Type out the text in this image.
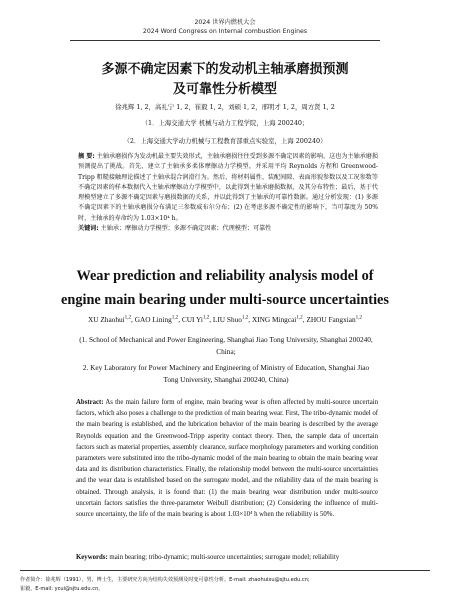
2024 世界内燃机大会
2024 Word Congress on Internal combustion Engines
多源不确定因素下的发动机主轴承磨损预测
及可靠性分析模型
徐兆辉 1, 2，高礼宁 1, 2，崔毅 1, 2，刘硕 1, 2，邢明才 1, 2，周方贤 1, 2
（1．上海交通大学 机械与动力工程学院，上海 200240；
（2．上海交通大学动力机械与工程教育部重点实验室，上海 200240）
摘 要: 主轴承磨损作为发动机最主要失效形式，主轴承磨损往往受到多源不确定因素的影响，这也为主轴承磨损预测提出了挑战。首先，建立了主轴承多柔体摩擦动力学模型，并采用平均 Reynolds 方程和 Greenwood-Tripp 粗糙接触理论描述了主轴承混合润滑行为。然后，将材料属性、装配间隙、表面形貌参数以及工况参数等不确定因素的样本数据代入主轴承摩擦动力学模型中，以此得到主轴承磨损数据，及其分布特性；最后，基于代理模型建立了多源不确定因素与磨损数据的关系，并以此得到了主轴承的可靠性数据。通过分析发现：(1) 多源不确定因素下的主轴承磨损分布满足三参数威布尔分布；(2) 在考虑多源不确定性的影响下，当可靠度为 50% 时，主轴承的寿命约为 1.03×10⁴ h。
关键词: 主轴承；摩擦动力学模型；多源不确定因素；代理模型；可靠性
Wear prediction and reliability analysis model of
engine main bearing under multi-source uncertainties
XU Zhaohui$^{1,2}$, GAO Lining$^{1,2}$, CUI Yi$^{1,2}$, LIU Shuo$^{1,2}$, XING Mingcai$^{1,2}$, ZHOU Fangxian$^{1,2}$
(1. School of Mechanical and Power Engineering, Shanghai Jiao Tong University, Shanghai 200240, China;
2. Key Laboratory for Power Machinery and Engineering of Ministry of Education, Shanghai Jiao Tong University, Shanghai 200240, China)
Abstract: As the main failure form of engine, main bearing wear is often affected by multi-source uncertain factors, which also poses a challenge to the prediction of main bearing wear. First, The tribo-dynamic model of the main bearing is established, and the lubrication behavior of the main bearing is described by the average Reynolds equation and the Greenwood-Tripp asperity contact theory. Then, the sample data of uncertain factors such as material properties, assembly clearance, surface morphology parameters and working condition parameters were substituted into the tribo-dynamic model of the main bearing to obtain the main bearing wear data and its distribution characteristics. Finally, the relationship model between the multi-source uncertainties and the wear data is established based on the surrogate model, and the reliability data of the main bearing is obtained. Through analysis, it is found that: (1) the main bearing wear distribution under multi-source uncertain factors satisfies the three-parameter Weibull distribution; (2) Considering the influence of multi-source uncertainty, the life of the main bearing is about 1.03×10⁴ h when the reliability is 50%.
Keywords: main bearing; tribo-dynamic; multi-source uncertainties; surrogate model; reliability
作者简介：徐兆辉（1991），男，博士生，主要研究方向为结构失效预测及时变可靠性分析。E-mail: zhaohuixu@sjtu.edu.cn;
崔毅，E-mail: ycui@sjtu.edu.cn。
